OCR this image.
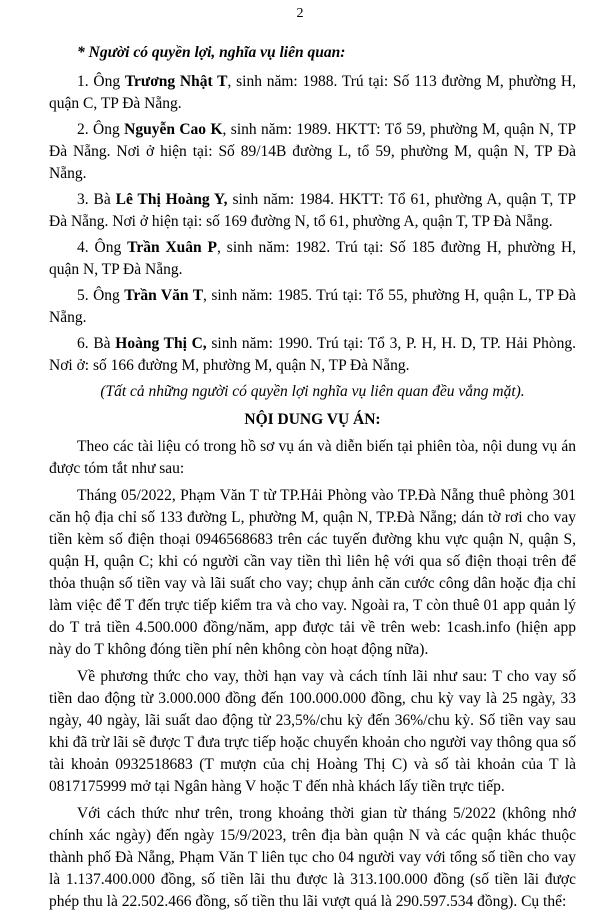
2

* Người có quyền lợi, nghĩa vụ liên quan:

1. Ông Trương Nhật T, sinh năm: 1988. Trú tại: Số 113 đường M, phường H, quận C, TP Đà Nẵng.

2. Ông Nguyễn Cao K, sinh năm: 1989. HKTT: Tổ 59, phường M, quận N, TP Đà Nẵng. Nơi ở hiện tại: Số 89/14B đường L, tổ 59, phường M, quận N, TP Đà Nẵng.

3. Bà Lê Thị Hoàng Y, sinh năm: 1984. HKTT: Tổ 61, phường A, quận T, TP Đà Nẵng. Nơi ở hiện tại: số 169 đường N, tổ 61, phường A, quận T, TP Đà Nẵng.

4. Ông Trần Xuân P, sinh năm: 1982. Trú tại: Số 185 đường H, phường H, quận N, TP Đà Nẵng.

5. Ông Trần Văn T, sinh năm: 1985. Trú tại: Tổ 55, phường H, quận L, TP Đà Nẵng.

6. Bà Hoàng Thị C, sinh năm: 1990. Trú tại: Tổ 3, P. H, H. D, TP. Hải Phòng. Nơi ở: số 166 đường M, phường M, quận N, TP Đà Nẵng.

(Tất cả những người có quyền lợi nghĩa vụ liên quan đều vắng mặt).

NỘI DUNG VỤ ÁN:

Theo các tài liệu có trong hồ sơ vụ án và diễn biến tại phiên tòa, nội dung vụ án được tóm tắt như sau:

Tháng 05/2022, Phạm Văn T từ TP.Hải Phòng vào TP.Đà Nẵng thuê phòng 301 căn hộ địa chỉ số 133 đường L, phường M, quận N, TP.Đà Nẵng; dán tờ rơi cho vay tiền kèm số điện thoại 0946568683 trên các tuyến đường khu vực quận N, quận S, quận H, quận C; khi có người cần vay tiền thì liên hệ với qua số điện thoại trên để thỏa thuận số tiền vay và lãi suất cho vay; chụp ảnh căn cước công dân hoặc địa chỉ làm việc để T đến trực tiếp kiểm tra và cho vay. Ngoài ra, T còn thuê 01 app quản lý do T trả tiền 4.500.000 đồng/năm, app được tải về trên web: 1cash.info (hiện app này do T không đóng tiền phí nên không còn hoạt động nữa).

Về phương thức cho vay, thời hạn vay và cách tính lãi như sau: T cho vay số tiền dao động từ 3.000.000 đồng đến 100.000.000 đồng, chu kỳ vay là 25 ngày, 33 ngày, 40 ngày, lãi suất dao động từ 23,5%/chu kỳ đến 36%/chu kỳ. Số tiền vay sau khi đã trừ lãi sẽ được T đưa trực tiếp hoặc chuyển khoản cho người vay thông qua số tài khoản 0932518683 (T mượn của chị Hoàng Thị C) và số tài khoản của T là 0817175999 mở tại Ngân hàng V hoặc T đến nhà khách lấy tiền trực tiếp.

Với cách thức như trên, trong khoảng thời gian từ tháng 5/2022 (không nhớ chính xác ngày) đến ngày 15/9/2023, trên địa bàn quận N và các quận khác thuộc thành phố Đà Nẵng, Phạm Văn T liên tục cho 04 người vay với tổng số tiền cho vay là 1.137.400.000 đồng, số tiền lãi thu được là 313.100.000 đồng (số tiền lãi được phép thu là 22.502.466 đồng, số tiền thu lãi vượt quá là 290.597.534 đồng). Cụ thể:
